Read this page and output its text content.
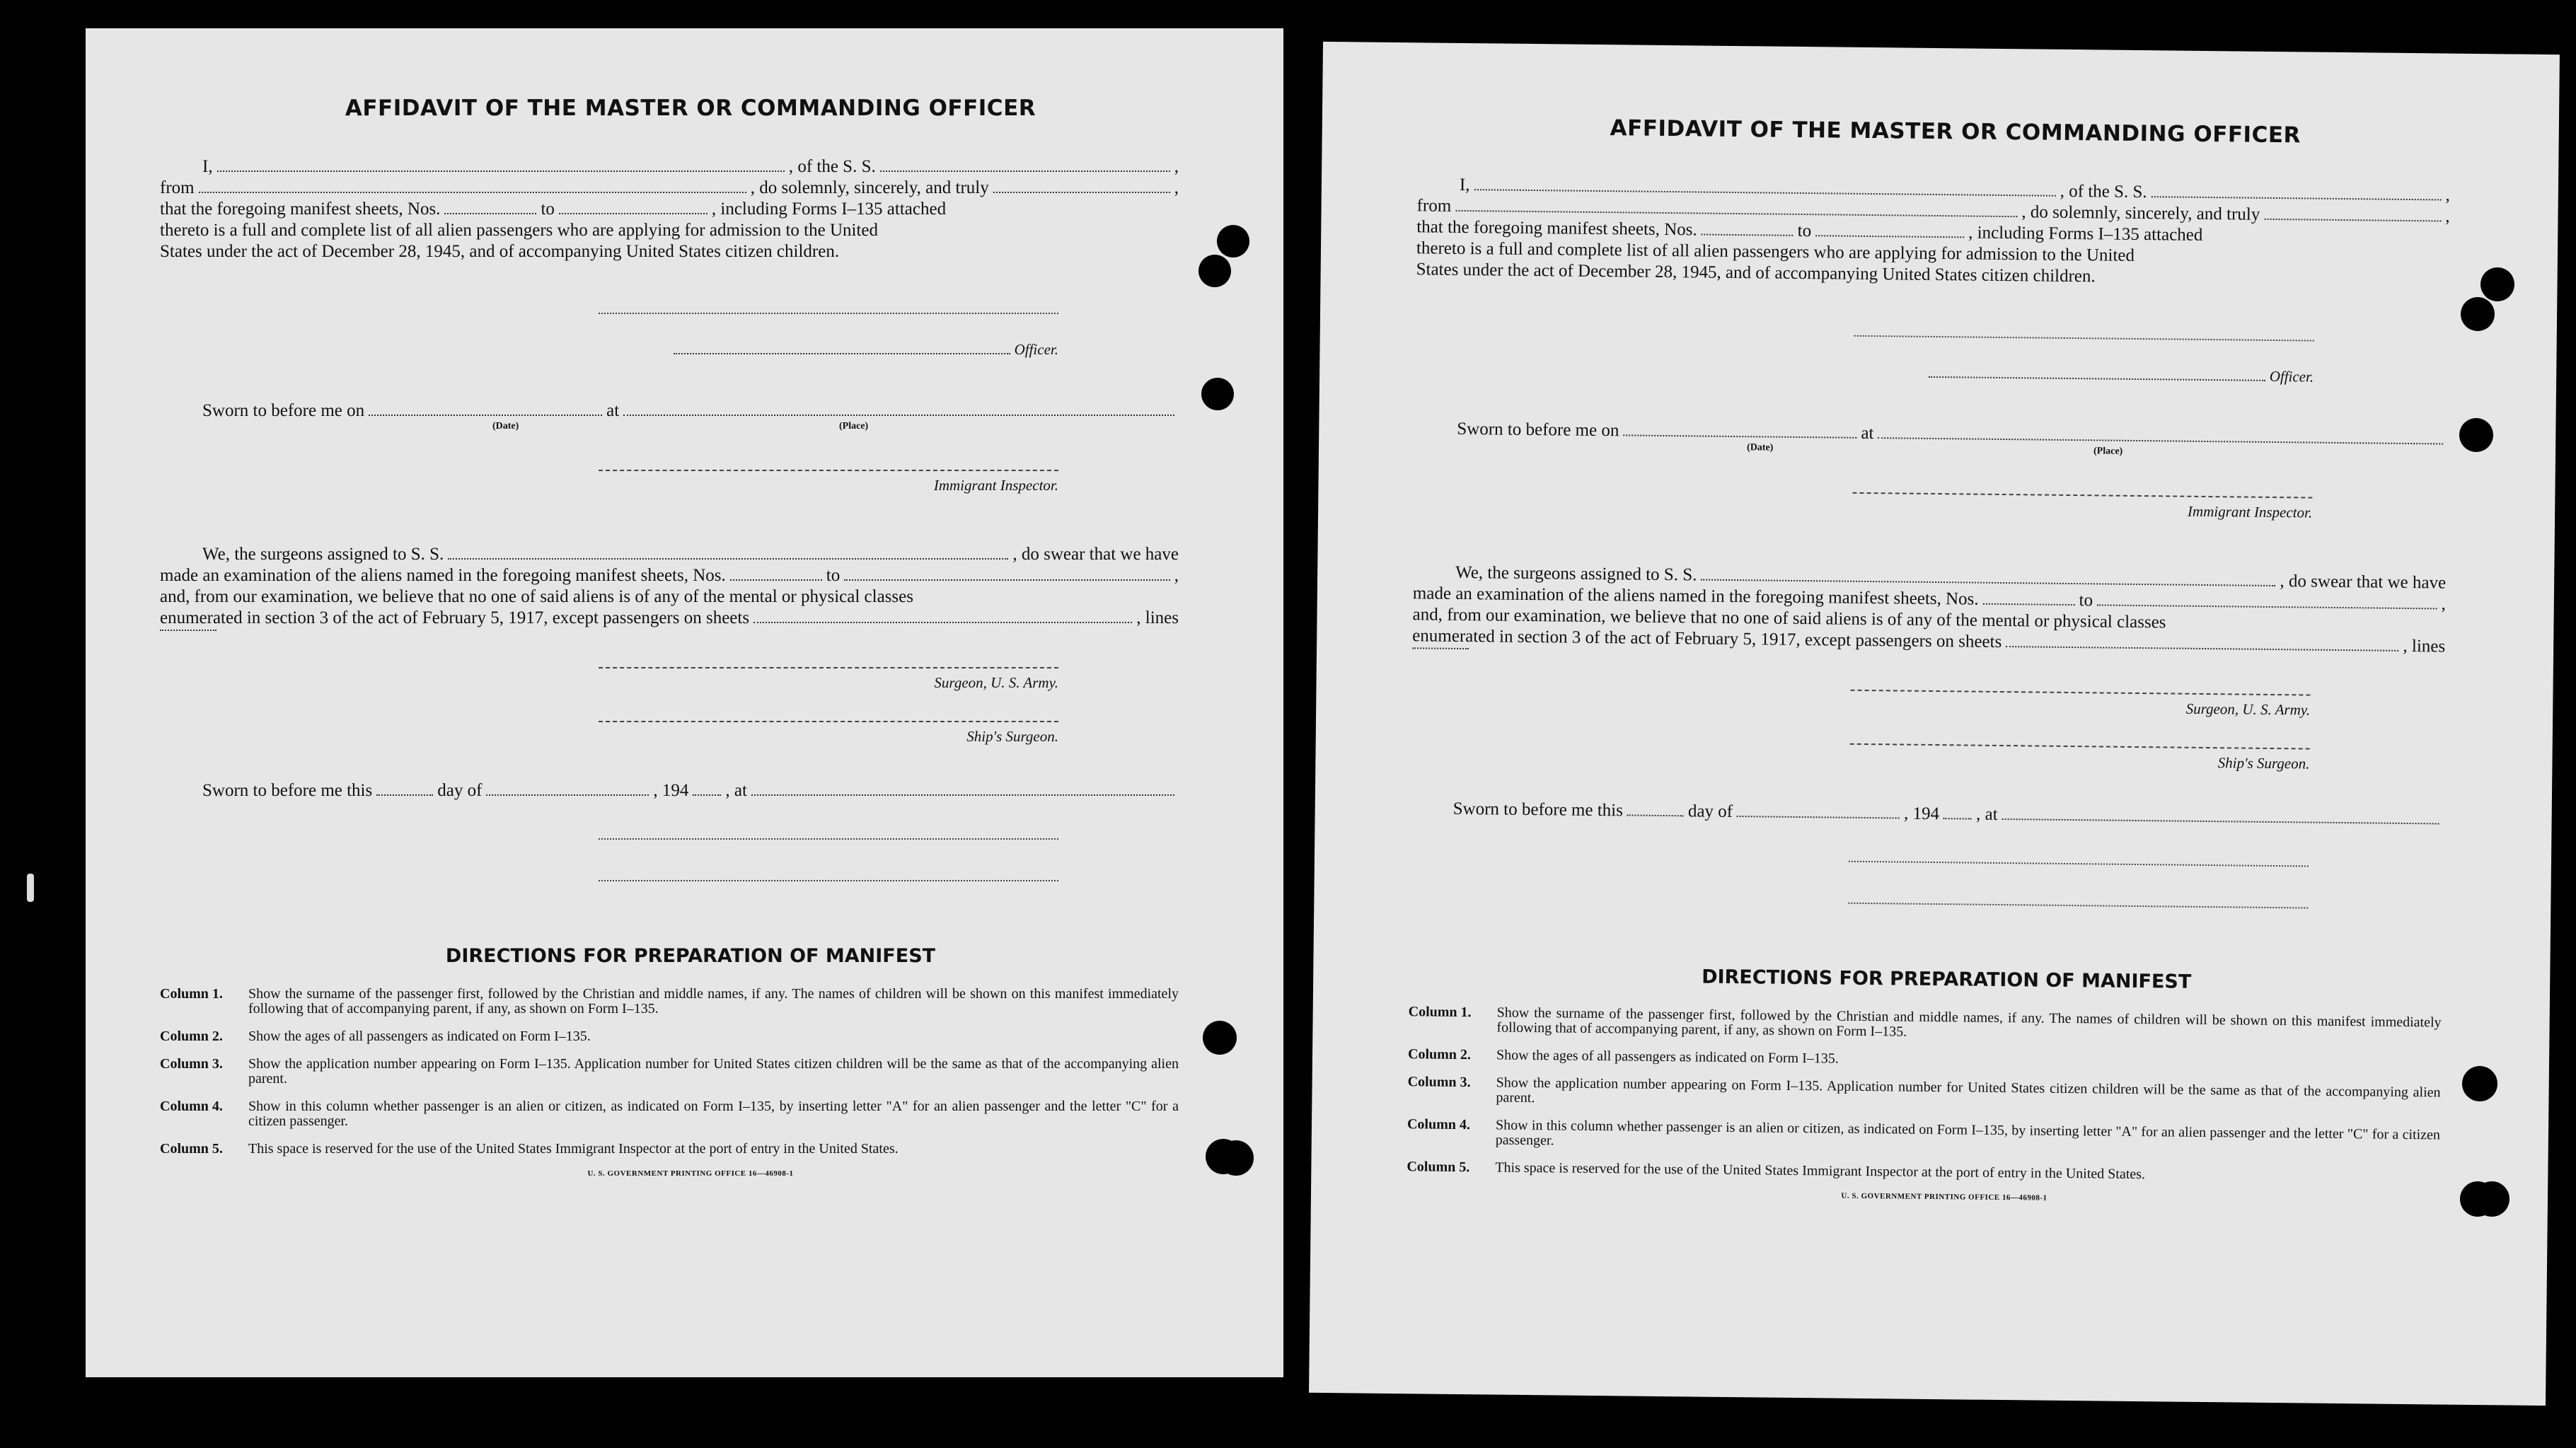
AFFIDAVIT OF THE MASTER OR COMMANDING OFFICER
I,	, of the S. S.	,
from	, do solemnly, sincerely, and truly	,
that the foregoing manifest sheets, Nos.	to	, including Forms I–135 attached
thereto is a full and complete list of all alien passengers who are applying for admission to the United
States under the act of December 28, 1945, and of accompanying United States citizen children.
Officer.
Sworn to before me on	at
(Date)	(Place)
Immigrant Inspector.
We, the surgeons assigned to S. S.	, do swear that we have
made an examination of the aliens named in the foregoing manifest sheets, Nos.	to	,
and, from our examination, we believe that no one of said aliens is of any of the mental or physical classes
enumerated in section 3 of the act of February 5, 1917, except passengers on sheets	, lines
Surgeon, U. S. Army.
Ship's Surgeon.
Sworn to before me this	day of	, 194 , at
DIRECTIONS FOR PREPARATION OF MANIFEST
Column 1.	Show the surname of the passenger first, followed by the Christian and middle names, if any. The names of children will be shown on this manifest immediately following that of accompanying parent, if any, as shown on Form I–135.
Column 2.	Show the ages of all passengers as indicated on Form I–135.
Column 3.	Show the application number appearing on Form I–135. Application number for United States citizen children will be the same as that of the accompanying alien parent.
Column 4.	Show in this column whether passenger is an alien or citizen, as indicated on Form I–135, by inserting letter "A" for an alien passenger and the letter "C" for a citizen passenger.
Column 5.	This space is reserved for the use of the United States Immigrant Inspector at the port of entry in the United States.
U. S. GOVERNMENT PRINTING OFFICE 16—46908-1
AFFIDAVIT OF THE MASTER OR COMMANDING OFFICER
I,	, of the S. S.	,
from	, do solemnly, sincerely, and truly	,
that the foregoing manifest sheets, Nos.	to	, including Forms I–135 attached
thereto is a full and complete list of all alien passengers who are applying for admission to the United
States under the act of December 28, 1945, and of accompanying United States citizen children.
Officer.
Sworn to before me on	at
(Date)	(Place)
Immigrant Inspector.
We, the surgeons assigned to S. S.	, do swear that we have
made an examination of the aliens named in the foregoing manifest sheets, Nos.	to	,
and, from our examination, we believe that no one of said aliens is of any of the mental or physical classes
enumerated in section 3 of the act of February 5, 1917, except passengers on sheets	, lines
Surgeon, U. S. Army.
Ship's Surgeon.
Sworn to before me this	day of	, 194 , at
DIRECTIONS FOR PREPARATION OF MANIFEST
Column 1.	Show the surname of the passenger first, followed by the Christian and middle names, if any. The names of children will be shown on this manifest immediately following that of accompanying parent, if any, as shown on Form I–135.
Column 2.	Show the ages of all passengers as indicated on Form I–135.
Column 3.	Show the application number appearing on Form I–135. Application number for United States citizen children will be the same as that of the accompanying alien parent.
Column 4.	Show in this column whether passenger is an alien or citizen, as indicated on Form I–135, by inserting letter "A" for an alien passenger and the letter "C" for a citizen passenger.
Column 5.	This space is reserved for the use of the United States Immigrant Inspector at the port of entry in the United States.
U. S. GOVERNMENT PRINTING OFFICE 16—46908-1
